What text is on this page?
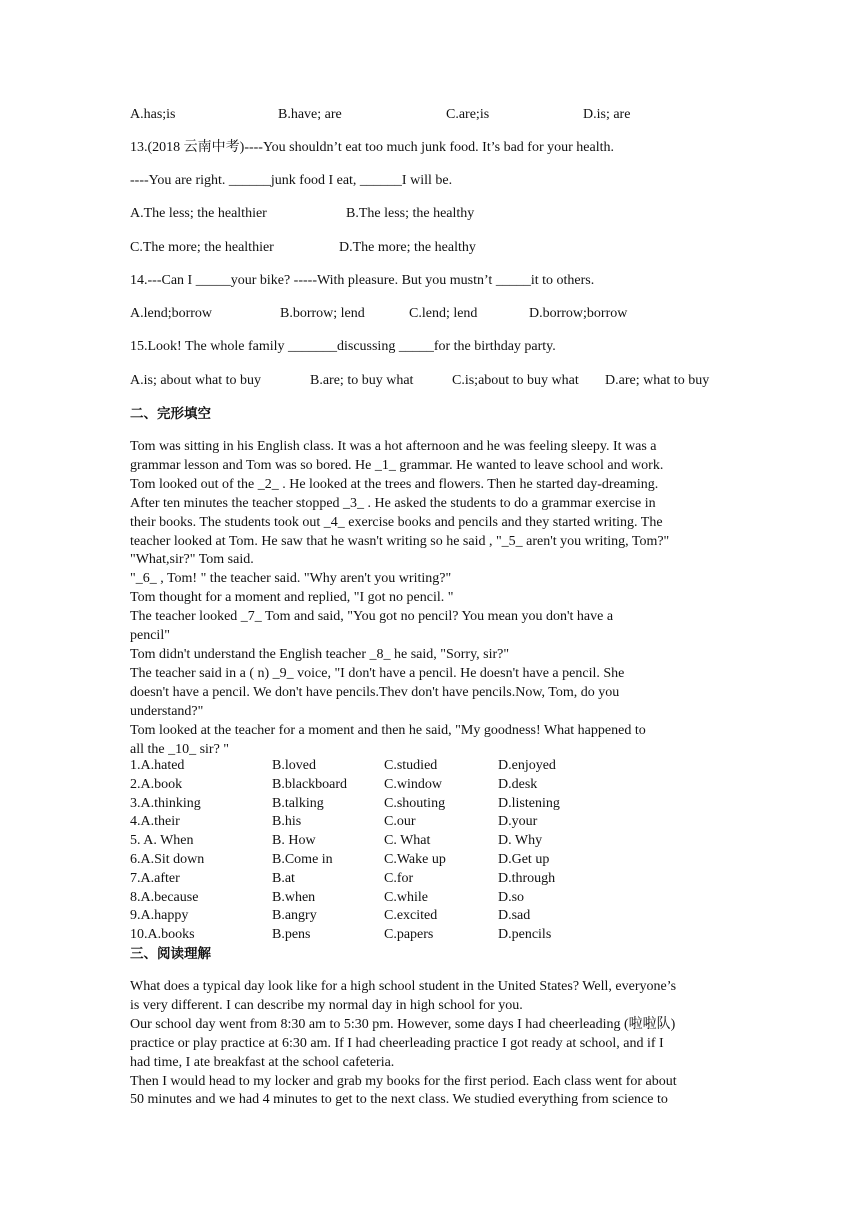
A.has;is	B.have; are	C.are;is	D.is; are
13.(2018 云南中考)----You shouldn’t eat too much junk food. It’s bad for your health.
----You are right. ______junk food I eat, ______I will be.
A.The less; the healthier	B.The less; the healthy
C.The more; the healthier	D.The more; the healthy
14.---Can I _____your bike? -----With pleasure. But you mustn’t _____it to others.
A.lend;borrow	B.borrow; lend	C.lend; lend	D.borrow;borrow
15.Look! The whole family _______discussing _____for the birthday party.
A.is; about what to buy	B.are; to buy what	C.is;about to buy what D.are; what to buy
二、完形填空
Tom was sitting in his English class. It was a hot afternoon and he was feeling sleepy. It was a
grammar lesson and Tom was so bored. He _1_ grammar. He wanted to leave school and work.
Tom looked out of the _2_ . He looked at the trees and flowers. Then he started day-dreaming.
After ten minutes the teacher stopped _3_ . He asked the students to do a grammar exercise in
their books. The students took out _4_ exercise books and pencils and they started writing. The
teacher looked at Tom. He saw that he wasn't writing so he said , "_5_ aren't you writing, Tom?"
"What,sir?" Tom said.
"_6_ , Tom! " the teacher said. "Why aren't you writing?"
Tom thought for a moment and replied, "I got no pencil. "
The teacher looked _7_ Tom and said, "You got no pencil? You mean you don't have a
pencil"
Tom didn't understand the English teacher _8_ he said, "Sorry, sir?"
The teacher said in a ( n) _9_ voice, "I don't have a pencil. He doesn't have a pencil. She
doesn't have a pencil. We don't have pencils.Thev don't have pencils.Now, Tom, do you
understand?"
Tom looked at the teacher for a moment and then he said, "My goodness! What happened to
all the _10_ sir? "
1.A.hated	B.loved	C.studied	D.enjoyed
2.A.book	B.blackboard	C.window	D.desk
3.A.thinking	B.talking	C.shouting	D.listening
4.A.their	B.his	C.our	D.your
5. A. When	B. How	C. What	D. Why
6.A.Sit down	B.Come in	C.Wake up	D.Get up
7.A.after	B.at	C.for	D.through
8.A.because	B.when	C.while	D.so
9.A.happy	B.angry	C.excited	D.sad
10.A.books	B.pens	C.papers	D.pencils
三、阅读理解
What does a typical day look like for a high school student in the United States? Well, everyone’s
is very different. I can describe my normal day in high school for you.
Our school day went from 8:30 am to 5:30 pm. However, some days I had cheerleading (啦啦队)
practice or play practice at 6:30 am. If I had cheerleading practice I got ready at school, and if I
had time, I ate breakfast at the school cafeteria.
Then I would head to my locker and grab my books for the first period. Each class went for about
50 minutes and we had 4 minutes to get to the next class. We studied everything from science to
